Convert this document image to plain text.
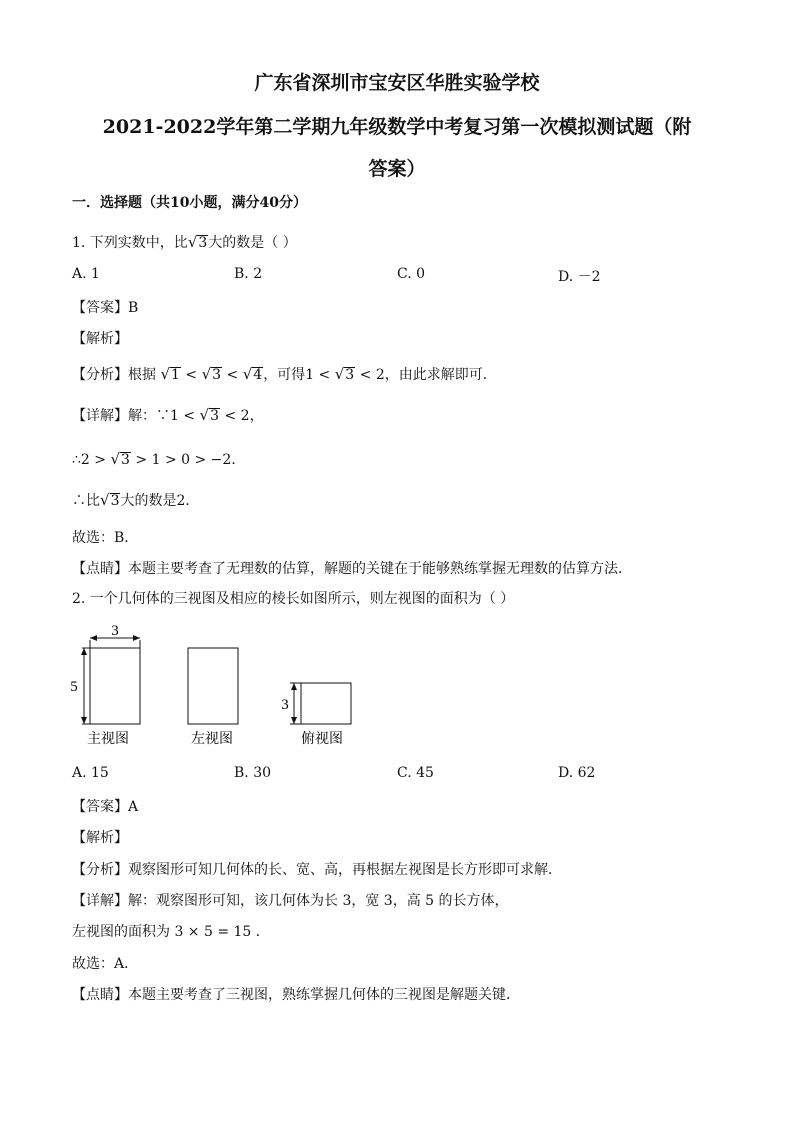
广东省深圳市宝安区华胜实验学校
2021-2022学年第二学期九年级数学中考复习第一次模拟测试题（附
答案）
一．选择题（共10小题，满分40分）
1. 下列实数中，比√3大的数是（ ）
A. 1	B. 2	C. 0	D. －2
【答案】B
【解析】
【分析】根据 √1 < √3 < √4，可得1 < √3 < 2，由此求解即可．
【详解】解：∵1 < √3 < 2，
∴2 > √3 > 1 > 0 > −2．
∴比√3大的数是2．
故选：B．
【点睛】本题主要考查了无理数的估算，解题的关键在于能够熟练掌握无理数的估算方法．
2. 一个几何体的三视图及相应的棱长如图所示，则左视图的面积为（ ）
3
5
主视图	左视图
3
俯视图
A. 15	B. 30	C. 45	D. 62
【答案】A
【解析】
【分析】观察图形可知几何体的长、宽、高，再根据左视图是长方形即可求解．
【详解】解：观察图形可知，该几何体为长 3，宽 3，高 5 的长方体，
左视图的面积为 3 × 5 = 15 ．
故选：A．
【点睛】本题主要考查了三视图，熟练掌握几何体的三视图是解题关键．
